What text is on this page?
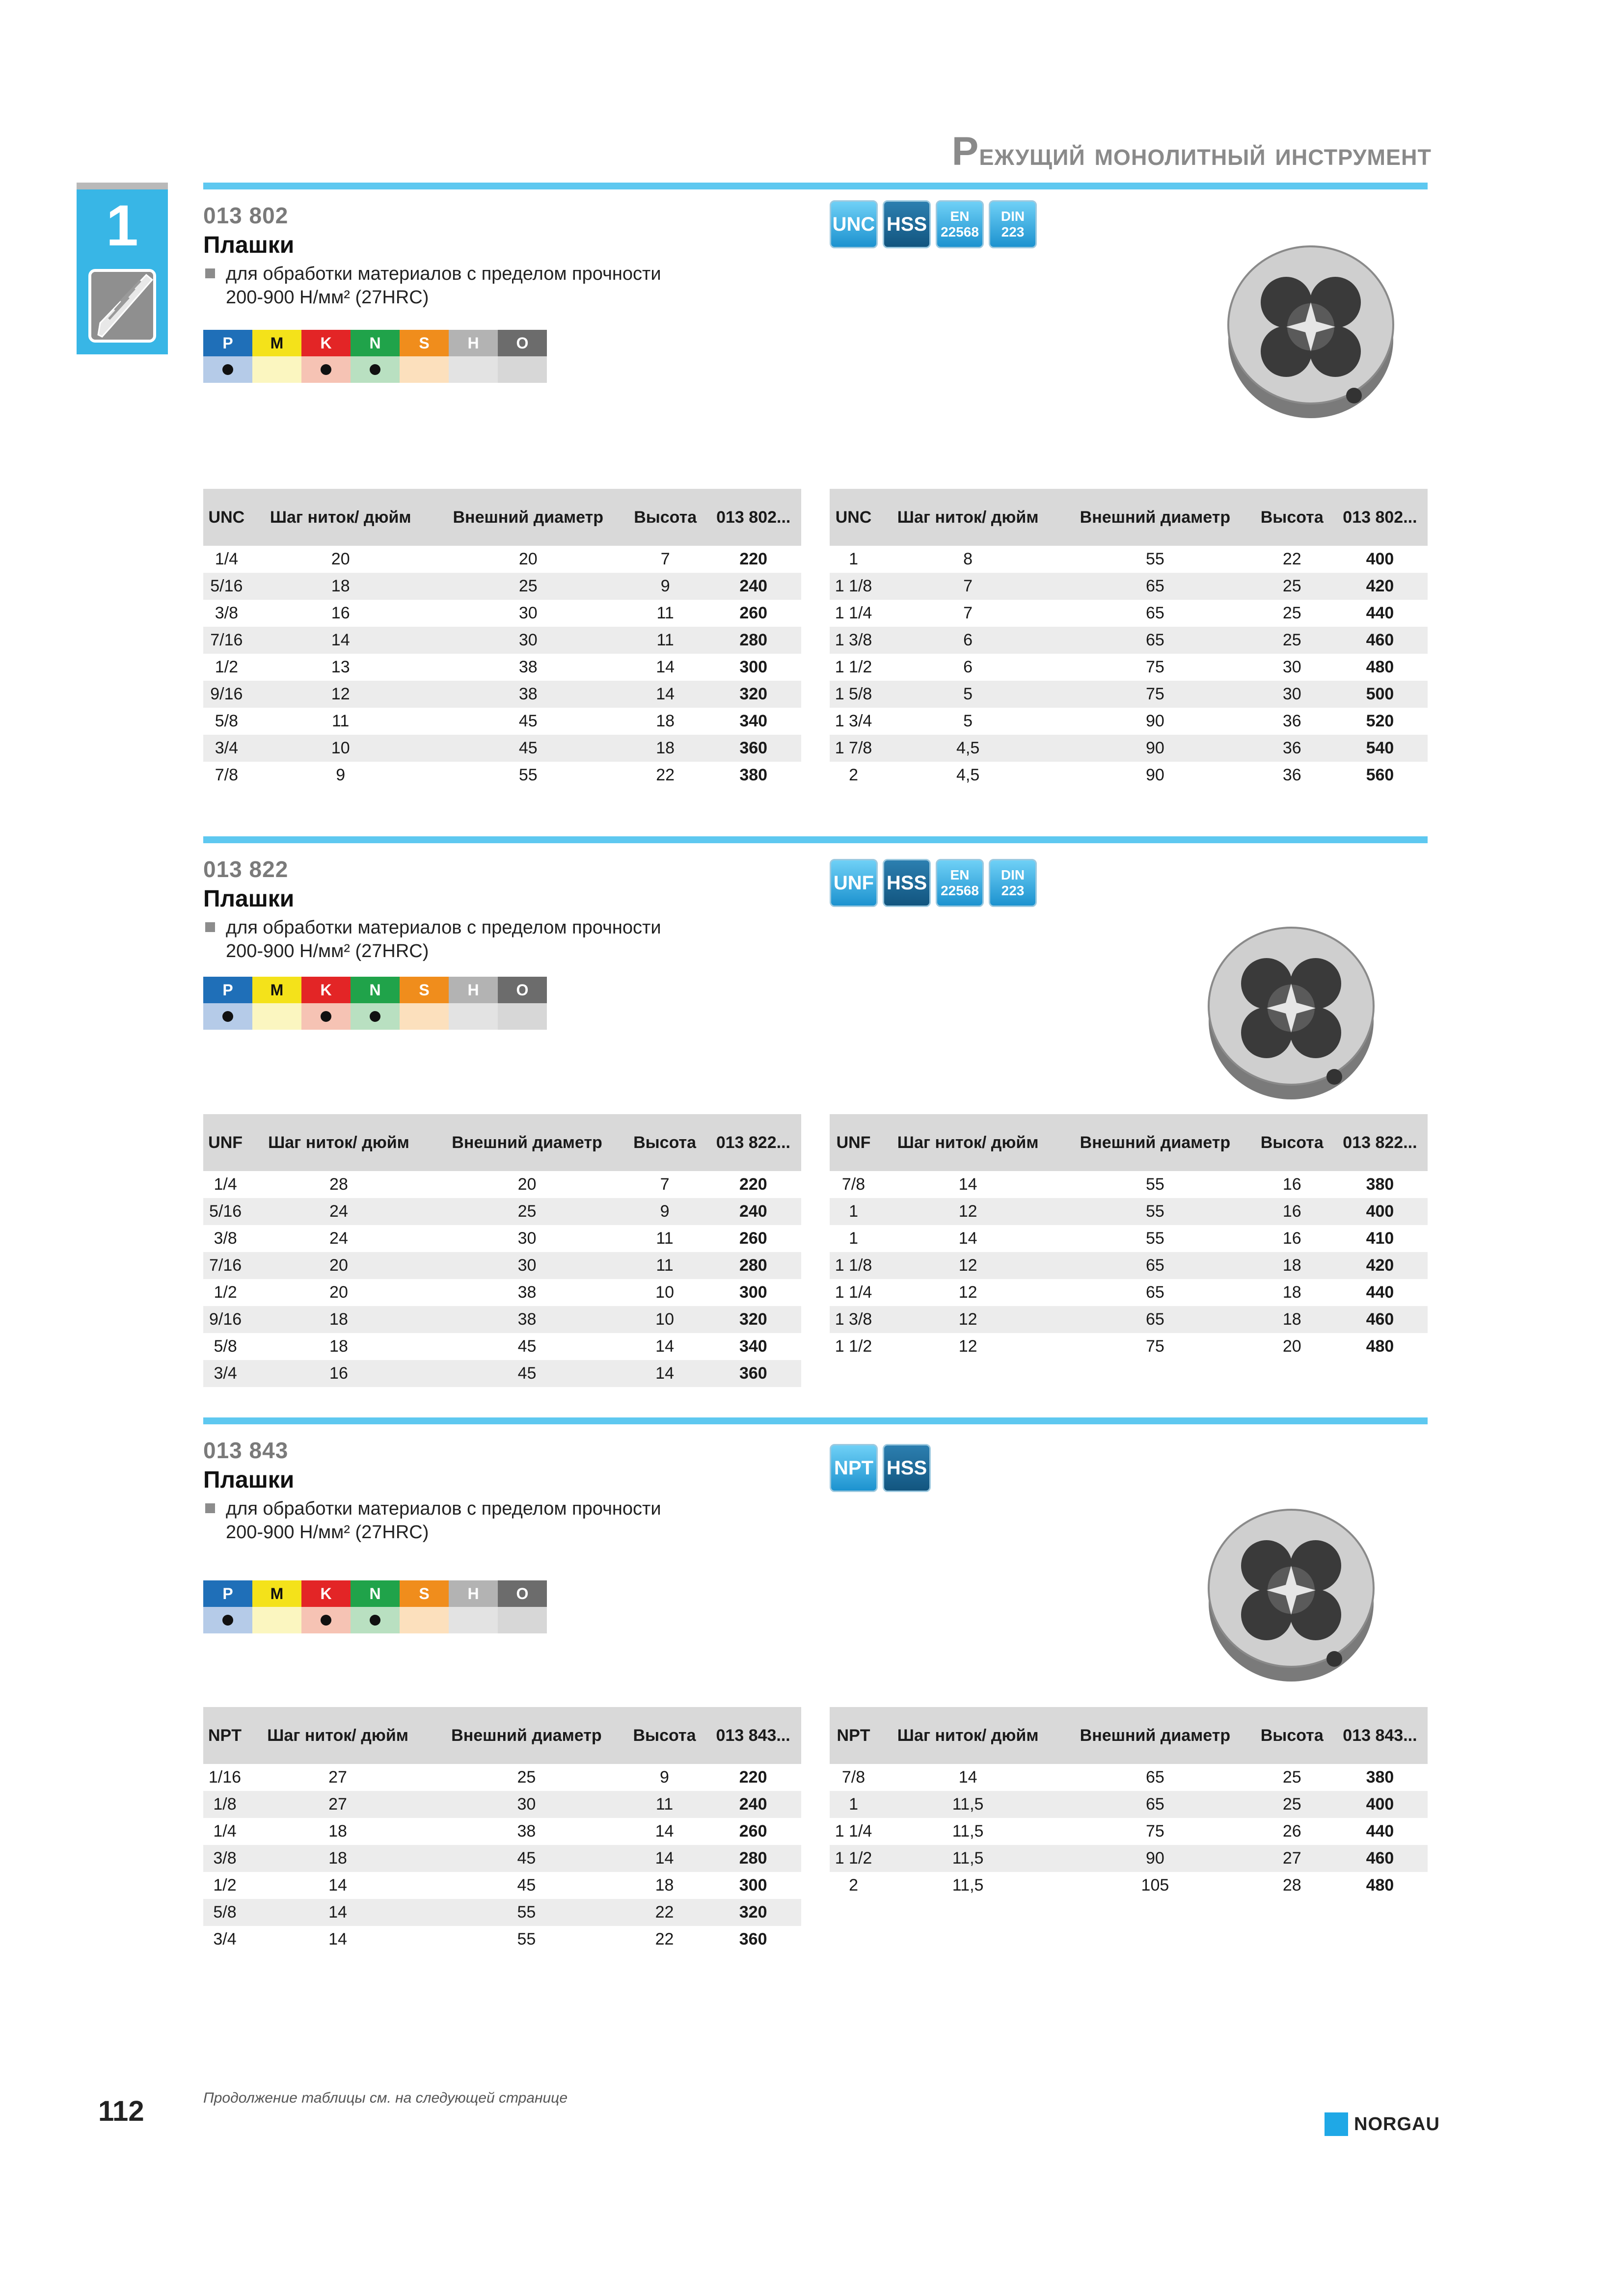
Режущий монолитный инструмент
1	013 802
Плашки
для обработки материалов с пределом прочности
200-900 Н/мм² (27HRC)
P	M	K	N	S	H	O
UNC HSS EN
22568
DIN
223
UNC	Шаг ниток/ дюйм	Внешний диаметр	Высота	013 802...
1/4	20	20	7	220
5/16	18	25	9	240
3/8	16	30	11	260
7/16	14	30	11	280
1/2	13	38	14	300
9/16	12	38	14	320
5/8	11	45	18	340
3/4	10	45	18	360
7/8	9	55	22	380
UNC	Шаг ниток/ дюйм	Внешний диаметр	Высота	013 802...
1	8	55	22	400
1 1/8	7	65	25	420
1 1/4	7	65	25	440
1 3/8	6	65	25	460
1 1/2	6	75	30	480
1 5/8	5	75	30	500
1 3/4	5	90	36	520
1 7/8	4,5	90	36	540
2	4,5	90	36	560
013 822
Плашки
для обработки материалов с пределом прочности
200-900 Н/мм² (27HRC)
P	M	K	N	S	H	O
UNF HSS EN
22568
DIN
223
UNF	Шаг ниток/ дюйм	Внешний диаметр	Высота	013 822...
1/4	28	20	7	220
5/16	24	25	9	240
3/8	24	30	11	260
7/16	20	30	11	280
1/2	20	38	10	300
9/16	18	38	10	320
5/8	18	45	14	340
3/4	16	45	14	360
UNF	Шаг ниток/ дюйм	Внешний диаметр	Высота	013 822...
7/8	14	55	16	380
1	12	55	16	400
1	14	55	16	410
1 1/8	12	65	18	420
1 1/4	12	65	18	440
1 3/8	12	65	18	460
1 1/2	12	75	20	480
013 843
Плашки
для обработки материалов с пределом прочности
200-900 Н/мм² (27HRC)
P	M	K	N	S	H	O
NPT HSS
NPT	Шаг ниток/ дюйм	Внешний диаметр	Высота	013 843...
1/16	27	25	9	220
1/8	27	30	11	240
1/4	18	38	14	260
3/8	18	45	14	280
1/2	14	45	18	300
5/8	14	55	22	320
3/4	14	55	22	360
NPT	Шаг ниток/ дюйм	Внешний диаметр	Высота	013 843...
7/8	14	65	25	380
1	11,5	65	25	400
1 1/4	11,5	75	26	440
1 1/2	11,5	90	27	460
2	11,5	105	28	480
112	Продолжение таблицы см. на следующей странице
NORGAU
